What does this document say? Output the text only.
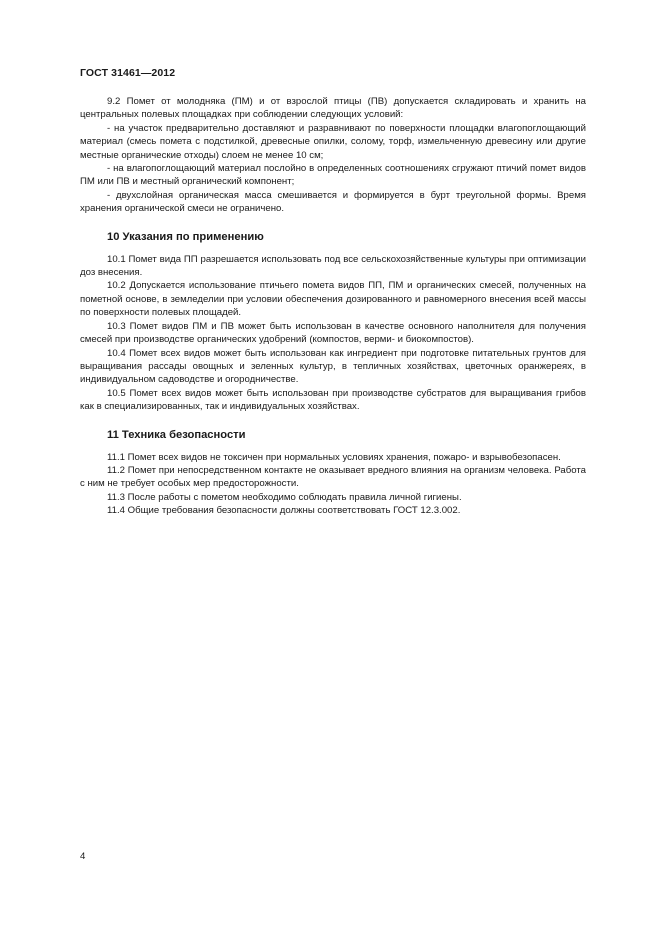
ГОСТ 31461—2012

9.2 Помет от молодняка (ПМ) и от взрослой птицы (ПВ) допускается складировать и хранить на центральных полевых площадках при соблюдении следующих условий:

- на участок предварительно доставляют и разравнивают по поверхности площадки влагопоглощающий материал (смесь помета с подстилкой, древесные опилки, солому, торф, измельченную древесину или другие местные органические отходы) слоем не менее 10 см;

- на влагопоглощающий материал послойно в определенных соотношениях сгружают птичий помет видов ПМ или ПВ и местный органический компонент;

- двухслойная органическая масса смешивается и формируется в бурт треугольной формы. Время хранения органической смеси не ограничено.

10 Указания по применению

10.1 Помет вида ПП разрешается использовать под все сельскохозяйственные культуры при оптимизации доз внесения.

10.2 Допускается использование птичьего помета видов ПП, ПМ и органических смесей, полученных на пометной основе, в земледелии при условии обеспечения дозированного и равномерного внесения всей массы по поверхности полевых площадей.

10.3 Помет видов ПМ и ПВ может быть использован в качестве основного наполнителя для получения смесей при производстве органических удобрений (компостов, верми- и биокомпостов).

10.4 Помет всех видов может быть использован как ингредиент при подготовке питательных грунтов для выращивания рассады овощных и зеленных культур, в тепличных хозяйствах, цветочных оранжереях, в индивидуальном садоводстве и огородничестве.

10.5 Помет всех видов может быть использован при производстве субстратов для выращивания грибов как в специализированных, так и индивидуальных хозяйствах.

11 Техника безопасности

11.1 Помет всех видов не токсичен при нормальных условиях хранения, пожаро- и взрывобезопасен.

11.2 Помет при непосредственном контакте не оказывает вредного влияния на организм человека. Работа с ним не требует особых мер предосторожности.

11.3 После работы с пометом необходимо соблюдать правила личной гигиены.

11.4 Общие требования безопасности должны соответствовать ГОСТ 12.3.002.

4
